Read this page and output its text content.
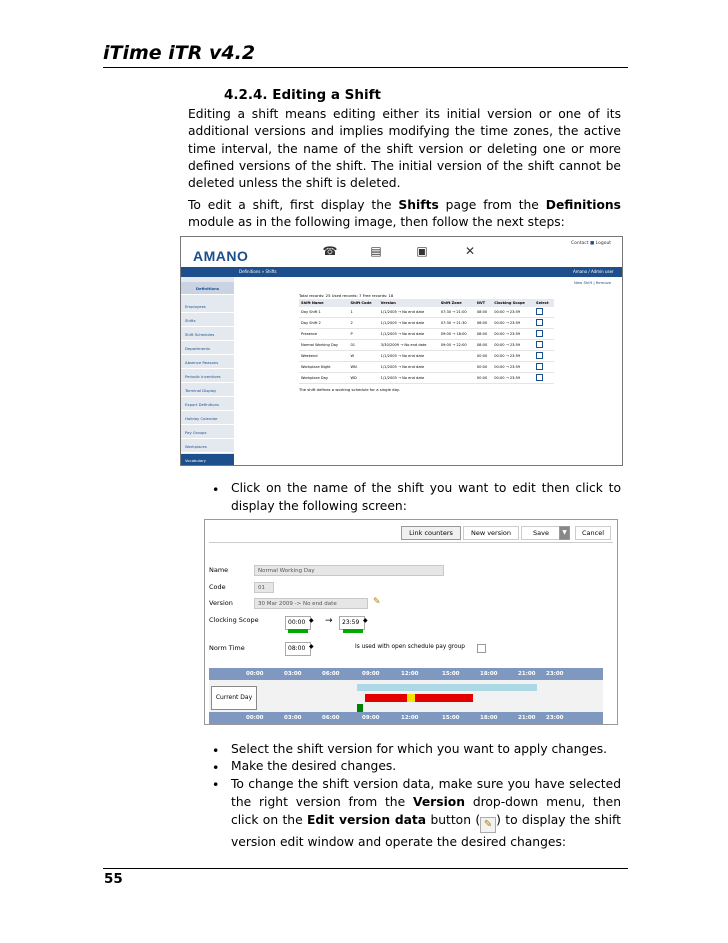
iTime iTR v4.2
4.2.4. Editing a Shift
Editing a shift means editing either its initial version or one of its additional versions and implies modifying the time zones, the active time interval, the name of the shift version or deleting one or more defined versions of the shift. The initial version of the shift cannot be deleted unless the shift is deleted.
To edit a shift, first display the Shifts page from the Definitions module as in the following image, then follow the next steps:
AMANO	☎	▤	▣	✕
Contact ■ Logout
Definitions » Shifts	Amano / Admin user
New Shift | Remove
Definitions
Employees
Shifts
Shift Schedules
Departments
Absence Reasons
Periodic Incentives
Terminal Display
Export Definitions
Holiday Calendar
Pay Groups
Workplaces
Vocabulary
Total records: 25 Used records: 7 Free records: 18
Shift Name	Shift Code	Version	Shift Zone	NVT	Clocking Scope	Select
Day Shift 1	1	1/1/2005 → No end date	07:30 → 21:00	08:00	00:00 → 23:59	
Day Shift 2	2	1/1/2005 → No end date	07:30 → 21:30	06:00	00:00 → 23:59	
Presence	P	1/1/2005 → No end date	09:00 → 18:00	08:00	00:00 → 23:59	
Normal Working Day	01	3/30/2009 → No end date	09:00 → 22:00	08:00	00:00 → 23:59	
Weekend	W	1/1/2005 → No end date		00:00	00:00 → 23:59	
Workplace Night	WN	1/1/2005 → No end date		00:00	00:00 → 23:59	
Workplace Day	WD	1/1/2005 → No end date		00:00	00:00 → 23:59	
The shift defines a working schedule for a single day.
• Click on the name of the shift you want to edit then click to display the following screen:
Link counters	New version	Save	▼	Cancel
Name	Normal Working Day
Code	01
Version	30 Mar 2009 -> No end date	✎
Clocking Scope	00:00 ◆ →	23:59 ◆
Norm Time	08:00 ◆	Is used with open schedule pay group
00:00	03:00	06:00	09:00	12:00	15:00	18:00	21:00 23:00
Current Day
00:00	03:00	06:00	09:00	12:00	15:00	18:00	21:00 23:00
• Select the shift version for which you want to apply changes.
• Make the desired changes.
• To change the shift version data, make sure you have selected the right version from the Version drop-down menu, then click on the Edit version data button ( ✎ ) to display the shift version edit window and operate the desired changes:
55
